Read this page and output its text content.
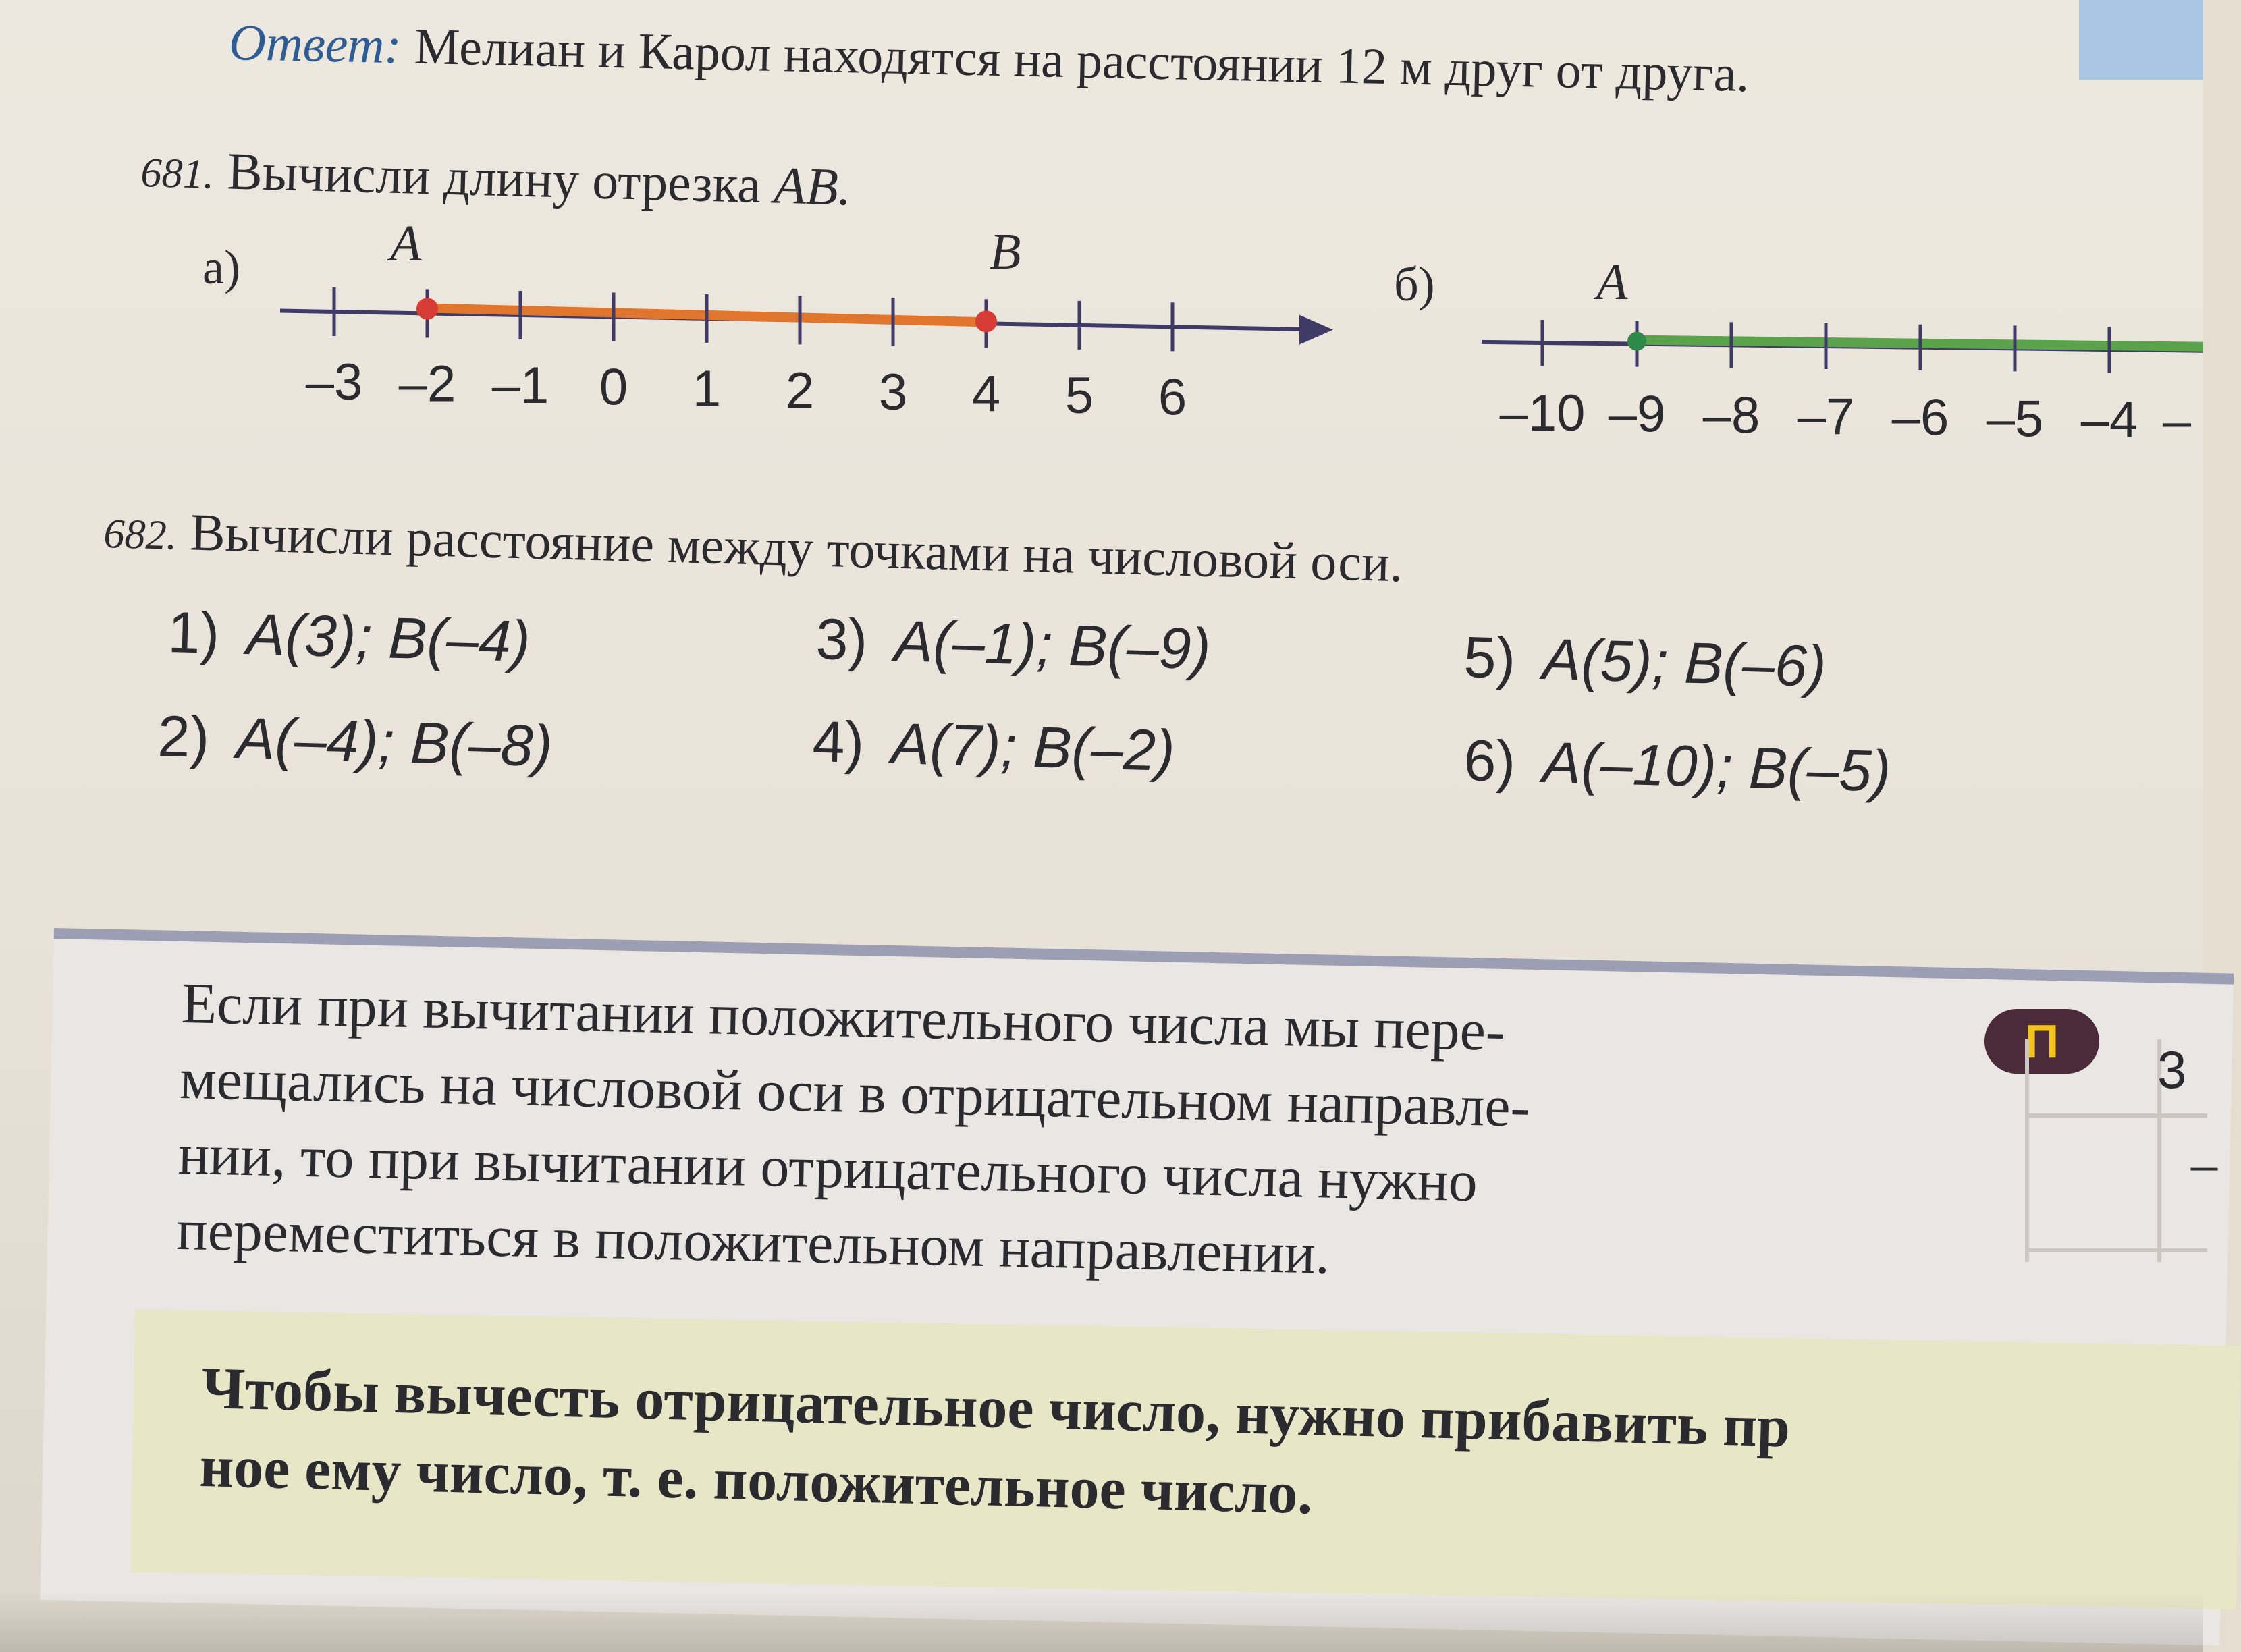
Ответ: Мелиан и Карол находятся на расстоянии 12 м друг от друга.
681. Вычисли длину отрезка AB.
а)	A	B
–3 –2 –1 0 1 2 3 4 5 6
б)	A
–10 –9 –8 –7 –6 –5 –4 –
682. Вычисли расстояние между точками на числовой оси.
1) A(3); B(–4)
2) A(–4); B(–8)
3) A(–1); B(–9)
4) A(7); B(–2)
5) A(5); B(–6)
6) A(–10); B(–5)
Если при вычитании положительного числа мы пере-
мещались на числовой оси в отрицательном направле-
нии, то при вычитании отрицательного числа нужно
переместиться в положительном направлении.
П	3
–
Чтобы вычесть отрицательное число, нужно прибавить пр
ное ему число, т. е. положительное число.
